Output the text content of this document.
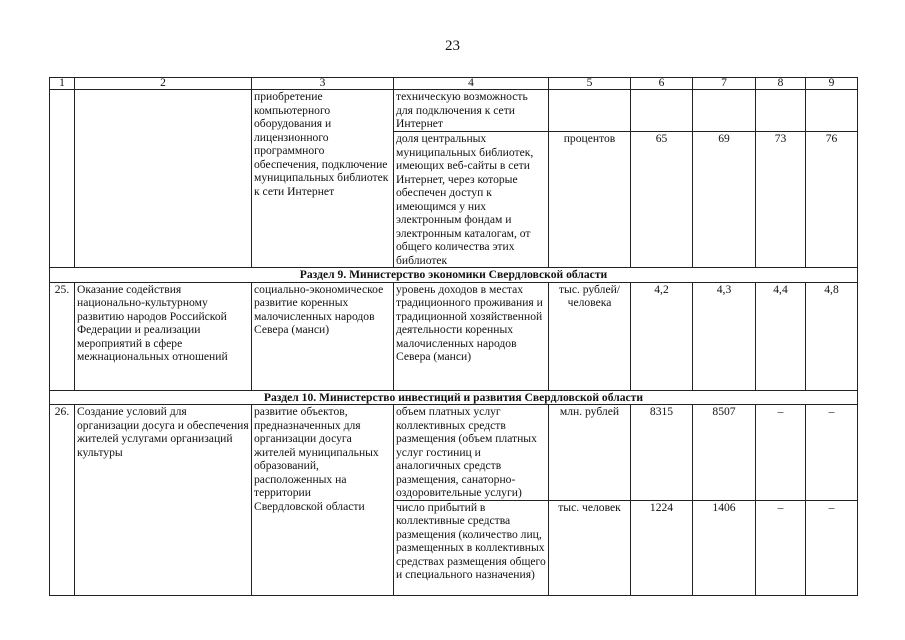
23
1	2	3	4	5	6	7	8	9
		приобретение компьютерного оборудования и лицензионного программного обеспечения, подключение муниципальных библиотек к сети Интернет	техническую возможность для подключения к сети Интернет					
			доля центральных муниципальных библиотек, имеющих веб-сайты в сети Интернет, через которые обеспечен доступ к имеющимся у них электронным фондам и электронным каталогам, от общего количества этих библиотек	процентов	65	69	73	76
Раздел 9. Министерство экономики Свердловской области								
25.	Оказание содействия национально-культурному развитию народов Российской Федерации и реализации мероприятий в сфере межнациональных отношений	социально-экономическое развитие коренных малочисленных народов Севера (манси)	уровень доходов в местах традиционного проживания и традиционной хозяйственной деятельности коренных малочисленных народов Севера (манси)	тыс. рублей/ человека	4,2	4,3	4,4	4,8
Раздел 10. Министерство инвестиций и развития Свердловской области								
26.	Создание условий для организации досуга и обеспечения жителей услугами организаций культуры	развитие объектов, предназначенных для организации досуга жителей муниципальных образований, расположенных на территории	объем платных услуг коллективных средств размещения (объем платных услуг гостиниц и аналогичных средств размещения, санаторно-оздоровительные услуги)	млн. рублей	8315	8507	–	–
		Свердловской области	число прибытий в коллективные средства размещения (количество лиц, размещенных в коллективных средствах размещения общего и специального назначения)	тыс. человек	1224	1406	–	–
